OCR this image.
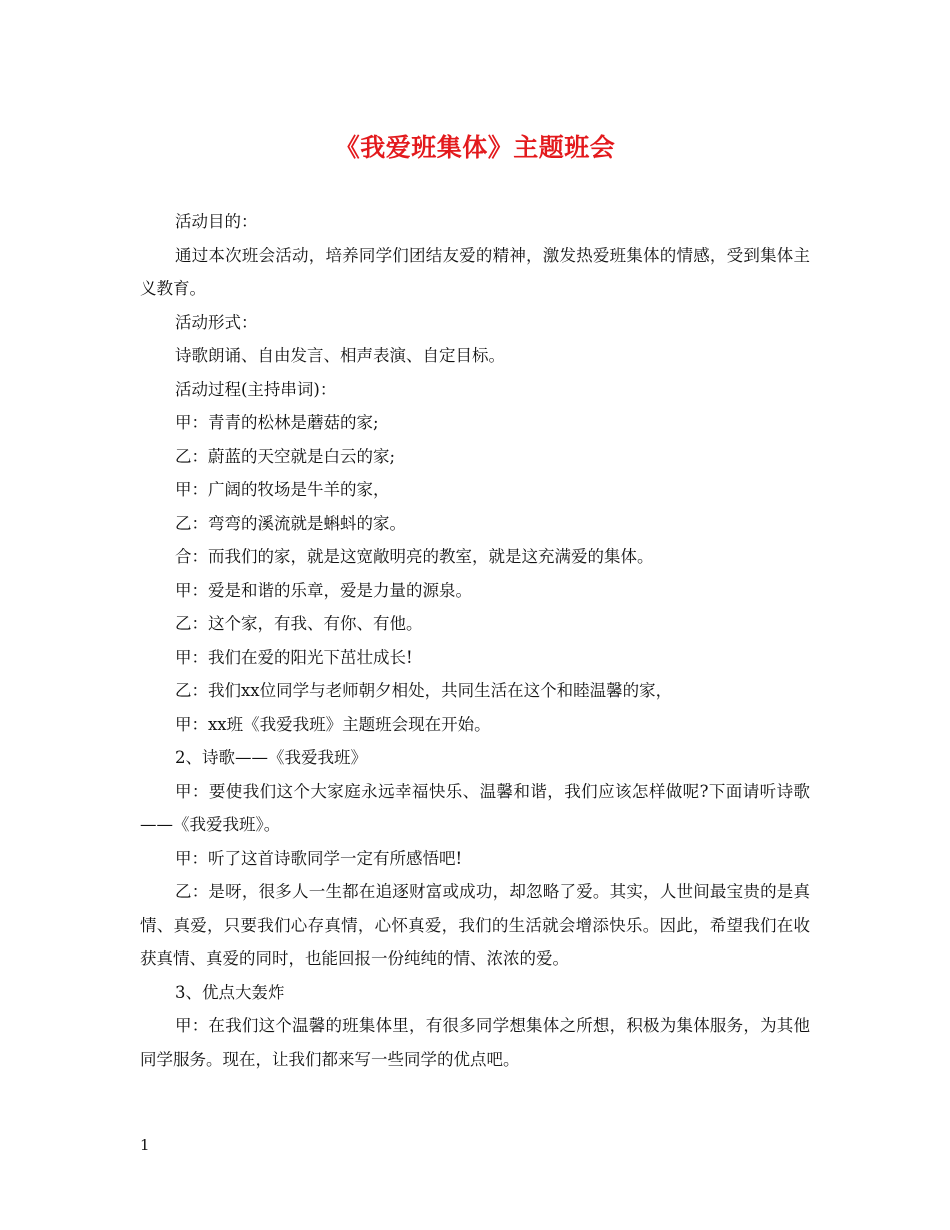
《我爱班集体》主题班会

活动目的：

通过本次班会活动，培养同学们团结友爱的精神，激发热爱班集体的情感，受到集体主义教育。

活动形式：

诗歌朗诵、自由发言、相声表演、自定目标。

活动过程(主持串词)：

甲：青青的松林是蘑菇的家;

乙：蔚蓝的天空就是白云的家;

甲：广阔的牧场是牛羊的家，

乙：弯弯的溪流就是蝌蚪的家。

合：而我们的家，就是这宽敞明亮的教室，就是这充满爱的集体。

甲：爱是和谐的乐章，爱是力量的源泉。

乙：这个家，有我、有你、有他。

甲：我们在爱的阳光下茁壮成长!

乙：我们xx位同学与老师朝夕相处，共同生活在这个和睦温馨的家，

甲：xx班《我爱我班》主题班会现在开始。

2、诗歌——《我爱我班》

甲：要使我们这个大家庭永远幸福快乐、温馨和谐，我们应该怎样做呢?下面请听诗歌——《我爱我班》。

甲：听了这首诗歌同学一定有所感悟吧!

乙：是呀，很多人一生都在追逐财富或成功，却忽略了爱。其实，人世间最宝贵的是真情、真爱，只要我们心存真情，心怀真爱，我们的生活就会增添快乐。因此，希望我们在收获真情、真爱的同时，也能回报一份纯纯的情、浓浓的爱。

3、优点大轰炸

甲：在我们这个温馨的班集体里，有很多同学想集体之所想，积极为集体服务，为其他同学服务。现在，让我们都来写一些同学的优点吧。

1
